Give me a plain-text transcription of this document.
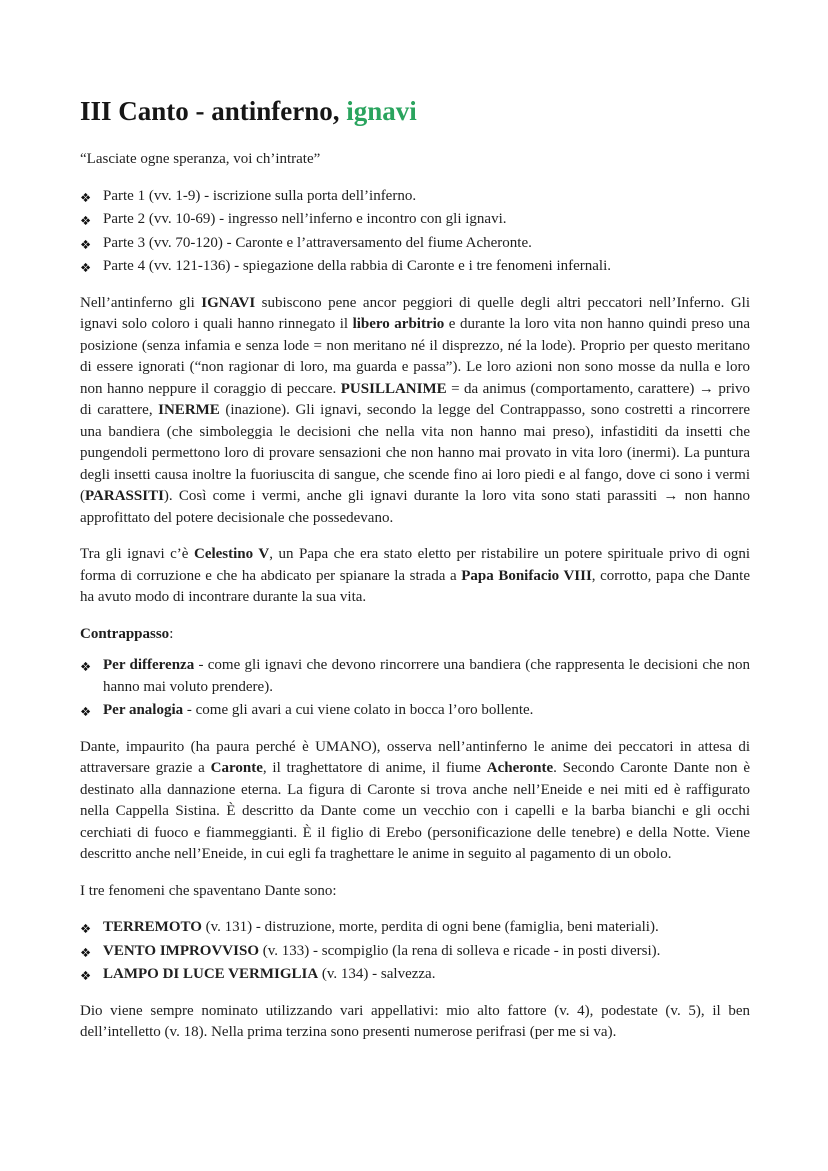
III Canto - antinferno, ignavi

“Lasciate ogne speranza, voi ch’intrate”

❖ Parte 1 (vv. 1-9) - iscrizione sulla porta dell’inferno.
❖ Parte 2 (vv. 10-69) - ingresso nell’inferno e incontro con gli ignavi.
❖ Parte 3 (vv. 70-120) - Caronte e l’attraversamento del fiume Acheronte.
❖ Parte 4 (vv. 121-136) - spiegazione della rabbia di Caronte e i tre fenomeni infernali.

Nell’antinferno gli IGNAVI subiscono pene ancor peggiori di quelle degli altri peccatori nell’Inferno. Gli ignavi solo coloro i quali hanno rinnegato il libero arbitrio e durante la loro vita non hanno quindi preso una posizione (senza infamia e senza lode = non meritano né il disprezzo, né la lode). Proprio per questo meritano di essere ignorati (“non ragionar di loro, ma guarda e passa”). Le loro azioni non sono mosse da nulla e loro non hanno neppure il coraggio di peccare. PUSILLANIME = da animus (comportamento, carattere) → privo di carattere, INERME (inazione). Gli ignavi, secondo la legge del Contrappasso, sono costretti a rincorrere una bandiera (che simboleggia le decisioni che nella vita non hanno mai preso), infastiditi da insetti che pungendoli permettono loro di provare sensazioni che non hanno mai provato in vita loro (inermi). La puntura degli insetti causa inoltre la fuoriuscita di sangue, che scende fino ai loro piedi e al fango, dove ci sono i vermi (PARASSITI). Così come i vermi, anche gli ignavi durante la loro vita sono stati parassiti → non hanno approfittato del potere decisionale che possedevano.

Tra gli ignavi c’è Celestino V, un Papa che era stato eletto per ristabilire un potere spirituale privo di ogni forma di corruzione e che ha abdicato per spianare la strada a Papa Bonifacio VIII, corrotto, papa che Dante ha avuto modo di incontrare durante la sua vita.

Contrappasso:

❖ Per differenza - come gli ignavi che devono rincorrere una bandiera (che rappresenta le decisioni che non hanno mai voluto prendere).
❖ Per analogia - come gli avari a cui viene colato in bocca l’oro bollente.

Dante, impaurito (ha paura perché è UMANO), osserva nell’antinferno le anime dei peccatori in attesa di attraversare grazie a Caronte, il traghettatore di anime, il fiume Acheronte. Secondo Caronte Dante non è destinato alla dannazione eterna. La figura di Caronte si trova anche nell’Eneide e nei miti ed è raffigurato nella Cappella Sistina. È descritto da Dante come un vecchio con i capelli e la barba bianchi e gli occhi cerchiati di fuoco e fiammeggianti. È il figlio di Erebo (personificazione delle tenebre) e della Notte. Viene descritto anche nell’Eneide, in cui egli fa traghettare le anime in seguito al pagamento di un obolo.

I tre fenomeni che spaventano Dante sono:

❖ TERREMOTO (v. 131) - distruzione, morte, perdita di ogni bene (famiglia, beni materiali).
❖ VENTO IMPROVVISO (v. 133) - scompiglio (la rena di solleva e ricade - in posti diversi).
❖ LAMPO DI LUCE VERMIGLIA (v. 134) - salvezza.

Dio viene sempre nominato utilizzando vari appellativi: mio alto fattore (v. 4), podestate (v. 5), il ben dell’intelletto (v. 18). Nella prima terzina sono presenti numerose perifrasi (per me si va).
